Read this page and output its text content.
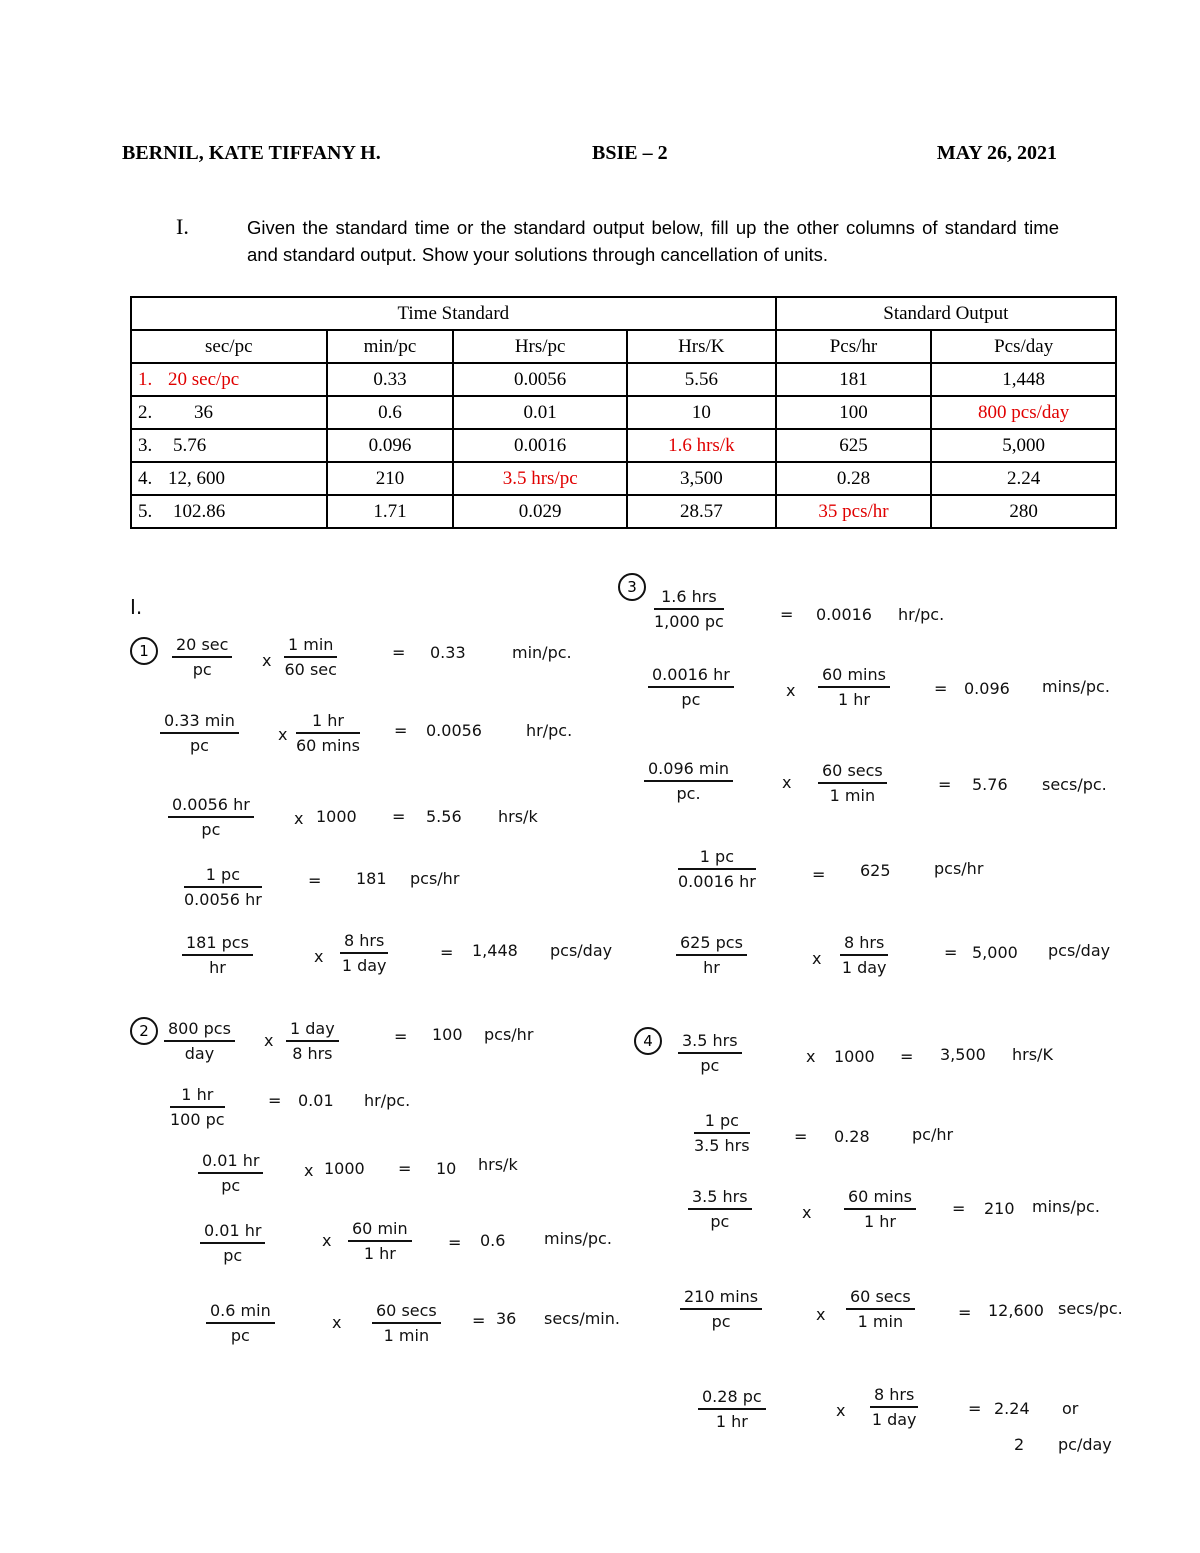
BERNIL, KATE TIFFANY H.	BSIE – 2	MAY 26, 2021
I.	Given the standard time or the standard output below, fill up the other columns of standard time and standard output. Show your solutions through cancellation of units.
Time Standard				Standard Output	
sec/pc	min/pc	Hrs/pc	Hrs/K	Pcs/hr	Pcs/day
1. 20 sec/pc	0.33	0.0056	5.56	181	1,448
2. 36	0.6	0.01	10	100	800 pcs/day
3. 5.76	0.096	0.0016	1.6 hrs/k	625	5,000
4. 12, 600	210	3.5 hrs/pc	3,500	0.28	2.24
5. 102.86	1.71	0.029	28.57	35 pcs/hr	280
I.
1	20 sec
pc	x
1 min
60 sec
= 0.33	min/pc.
0.33 min
pc
x
1 hr
60 mins
= 0.0056	hr/pc.
$\frac{0.0056 hr}{pc}$	x 1000 = 5.56 hrs/k
$\frac{1 pc}{0.0056 hr}$	= 181 pcs/hr
181 pcs
hr
x
8 hrs
1 day
= 1,448 pcs/day
2	800 pcs
day
x
1 day
8 hrs
= 100 pcs/hr
$\frac{1 hr}{100 pc}$	= 0.01 hr/pc.
$\frac{0.01 hr}{pc}$	x 1000 = 10 hrs/k
$\frac{0.01 hr}{pc}$	x
60 min
1 hr
= 0.6 mins/pc.
0.6 min
pc
x
60 secs
1 min
= 36 secs/min.
3	1.6 hrs
1,000 pc	= 0.0016 hr/pc.
$\frac{0.0016 hr}{pc}$	x
60 mins
1 hr
= 0.096 mins/pc.
0.096 min
pc.
x
60 secs
1 min
= 5.76 secs/pc.
$\frac{1 pc}{0.0016 hr}$	= 625	pcs/hr
625 pcs
hr	x
8 hrs
1 day
= 5,000 pcs/day
4	3.5 hrs
pc	x 1000 = 3,500 hrs/K
1 pc
3.5 hrs	= 0.28	pc/hr
3.5 hrs
pc	x
60 mins
1 hr
= 210 mins/pc.
210 mins
pc	x
60 secs
1 min	= 12,600 secs/pc.
$\frac{0.28 pc}{1 hr}$	x
8 hrs
1 day
= 2.24 or
2 pc/day
